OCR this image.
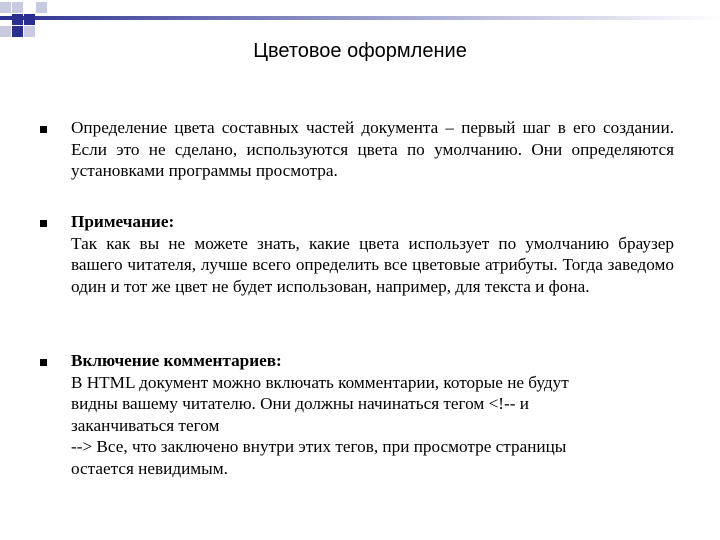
Цветовое оформление
Определение цвета составных частей документа – первый шаг в его создании. Если это не сделано, используются цвета по умолчанию. Они определяются установками программы просмотра.
Примечание:
Так как вы не можете знать, какие цвета использует по умолчанию браузер вашего читателя, лучше всего определить все цветовые атрибуты. Тогда заведомо один и тот же цвет не будет использован, например, для текста и фона.
Включение комментариев:
В HTML документ можно включать комментарии, которые не будут
видны вашему читателю. Они должны начинаться тегом <!-- и
заканчиваться тегом
--> Все, что заключено внутри этих тегов, при просмотре страницы
остается невидимым.
